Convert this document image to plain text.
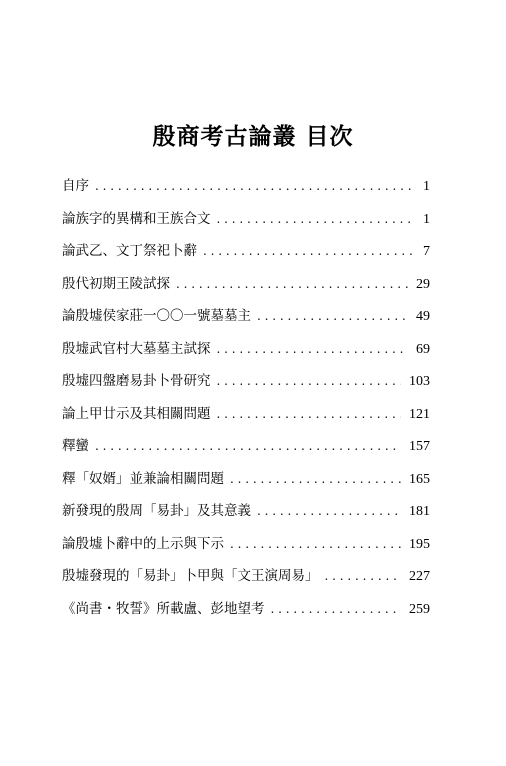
殷商考古論叢 目次
自序 . . .	1
論族字的異構和王族合文 . . .	1
論武乙、文丁祭祀卜辭 . . .	7
殷代初期王陵試探 . . .	29
論殷墟侯家莊一〇〇一號墓墓主 . . .	49
殷墟武官村大墓墓主試探 . . .	69
殷墟四盤磨易卦卜骨研究 . . .	103
論上甲廿示及其相關問題 . . .	121
釋蠻 . . .	157
釋「奴婿」並兼論相關問題 . . .	165
新發現的殷周「易卦」及其意義 . . .	181
論殷墟卜辭中的上示與下示 . . .	195
殷墟發現的「易卦」卜甲與「文王演周易」 . . .	227
《尚書・牧誓》所載盧、彭地望考 . . .	259
